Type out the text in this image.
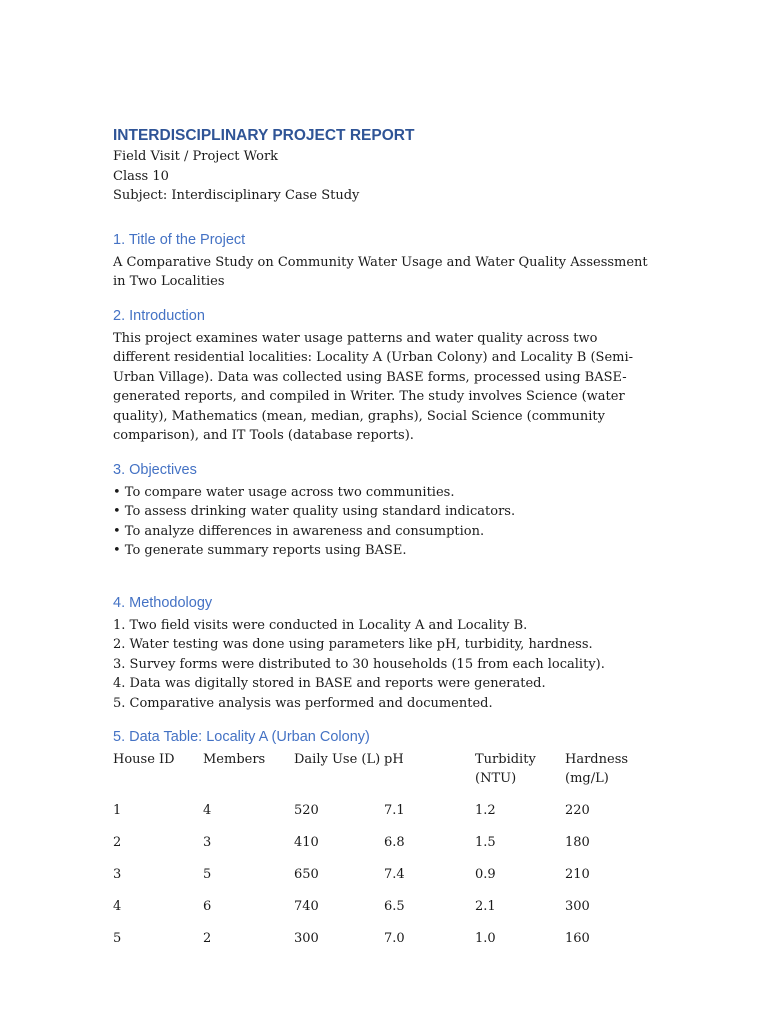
INTERDISCIPLINARY PROJECT REPORT
Field Visit / Project Work
Class 10
Subject: Interdisciplinary Case Study
1. Title of the Project

A Comparative Study on Community Water Usage and Water Quality Assessment in Two Localities

2. Introduction

This project examines water usage patterns and water quality across two different residential localities: Locality A (Urban Colony) and Locality B (Semi-Urban Village). Data was collected using BASE forms, processed using BASE-generated reports, and compiled in Writer. The study involves Science (water quality), Mathematics (mean, median, graphs), Social Science (community comparison), and IT Tools (database reports).

3. Objectives
• To compare water usage across two communities.
• To assess drinking water quality using standard indicators.
• To analyze differences in awareness and consumption.
• To generate summary reports using BASE.
4. Methodology
1. Two field visits were conducted in Locality A and Locality B.
2. Water testing was done using parameters like pH, turbidity, hardness.
3. Survey forms were distributed to 30 households (15 from each locality).
4. Data was digitally stored in BASE and reports were generated.
5. Comparative analysis was performed and documented.
5. Data Table: Locality A (Urban Colony)
House ID	Members	Daily Use (L)	pH	Turbidity (NTU)	Hardness (mg/L)
1	4	520	7.1	1.2	220
2	3	410	6.8	1.5	180
3	5	650	7.4	0.9	210
4	6	740	6.5	2.1	300
5	2	300	7.0	1.0	160
